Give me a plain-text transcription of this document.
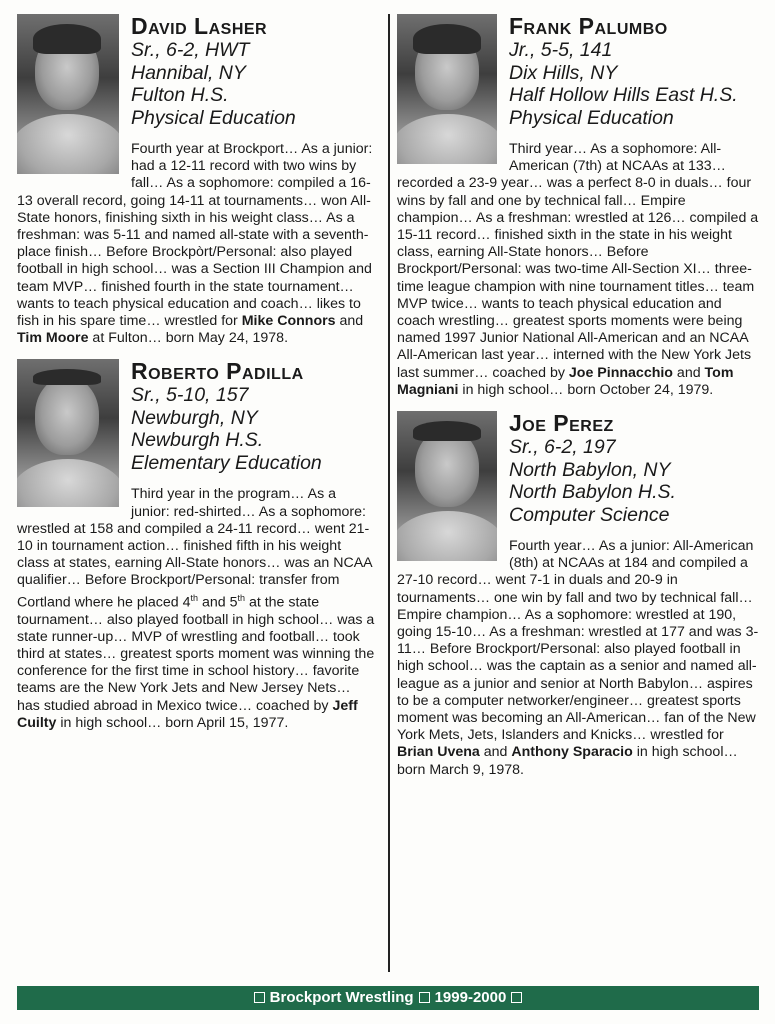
David Lasher

Sr., 6-2, HWT

Hannibal, NY

Fulton H.S.

Physical Education

Fourth year at Brockport… As a junior: had a 12-11 record with two wins by fall… As a sophomore: compiled a 16-13 overall record, going 14-11 at tournaments… won All-State honors, finishing sixth in his weight class… As a freshman: was 5-11 and named all-state with a seventh-place finish… Before Brockpòrt/Personal: also played football in high school… was a Section III Champion and team MVP… finished fourth in the state tournament… wants to teach physical education and coach… likes to fish in his spare time… wrestled for Mike Connors and Tim Moore at Fulton… born May 24, 1978.

Roberto Padilla

Sr., 5-10, 157

Newburgh, NY

Newburgh H.S.

Elementary Education

Third year in the program… As a junior: red-shirted… As a sophomore: wrestled at 158 and compiled a 24-11 record… went 21-10 in tournament action… finished fifth in his weight class at states, earning All-State honors… was an NCAA qualifier… Before Brockport/Personal: transfer from Cortland where he placed 4th and 5th at the state tournament… also played football in high school… was a state runner-up… MVP of wrestling and football… took third at states… greatest sports moment was winning the conference for the first time in school history… favorite teams are the New York Jets and New Jersey Nets… has studied abroad in Mexico twice… coached by Jeff Cuilty in high school… born April 15, 1977.

Frank Palumbo

Jr., 5-5, 141

Dix Hills, NY

Half Hollow Hills East H.S.

Physical Education

Third year… As a sophomore: All-American (7th) at NCAAs at 133… recorded a 23-9 year… was a perfect 8-0 in duals… four wins by fall and one by technical fall… Empire champion… As a freshman: wrestled at 126… compiled a 15-11 record… finished sixth in the state in his weight class, earning All-State honors… Before Brockport/Personal: was two-time All-Section XI… three-time league champion with nine tournament titles… team MVP twice… wants to teach physical education and coach wrestling… greatest sports moments were being named 1997 Junior National All-American and an NCAA All-American last year… interned with the New York Jets last summer… coached by Joe Pinnacchio and Tom Magniani in high school… born October 24, 1979.

Joe Perez

Sr., 6-2, 197

North Babylon, NY

North Babylon H.S.

Computer Science

Fourth year… As a junior: All-American (8th) at NCAAs at 184 and compiled a 27-10 record… went 7-1 in duals and 20-9 in tournaments… one win by fall and two by technical fall… Empire champion… As a sophomore: wrestled at 190, going 15-10… As a freshman: wrestled at 177 and was 3-11… Before Brockport/Personal: also played football in high school… was the captain as a senior and named all-league as a junior and senior at North Babylon… aspires to be a computer networker/engineer… greatest sports moment was becoming an All-American… fan of the New York Mets, Jets, Islanders and Knicks… wrestled for Brian Uvena and Anthony Sparacio in high school… born March 9, 1978.

Brockport Wrestling 1999-2000
